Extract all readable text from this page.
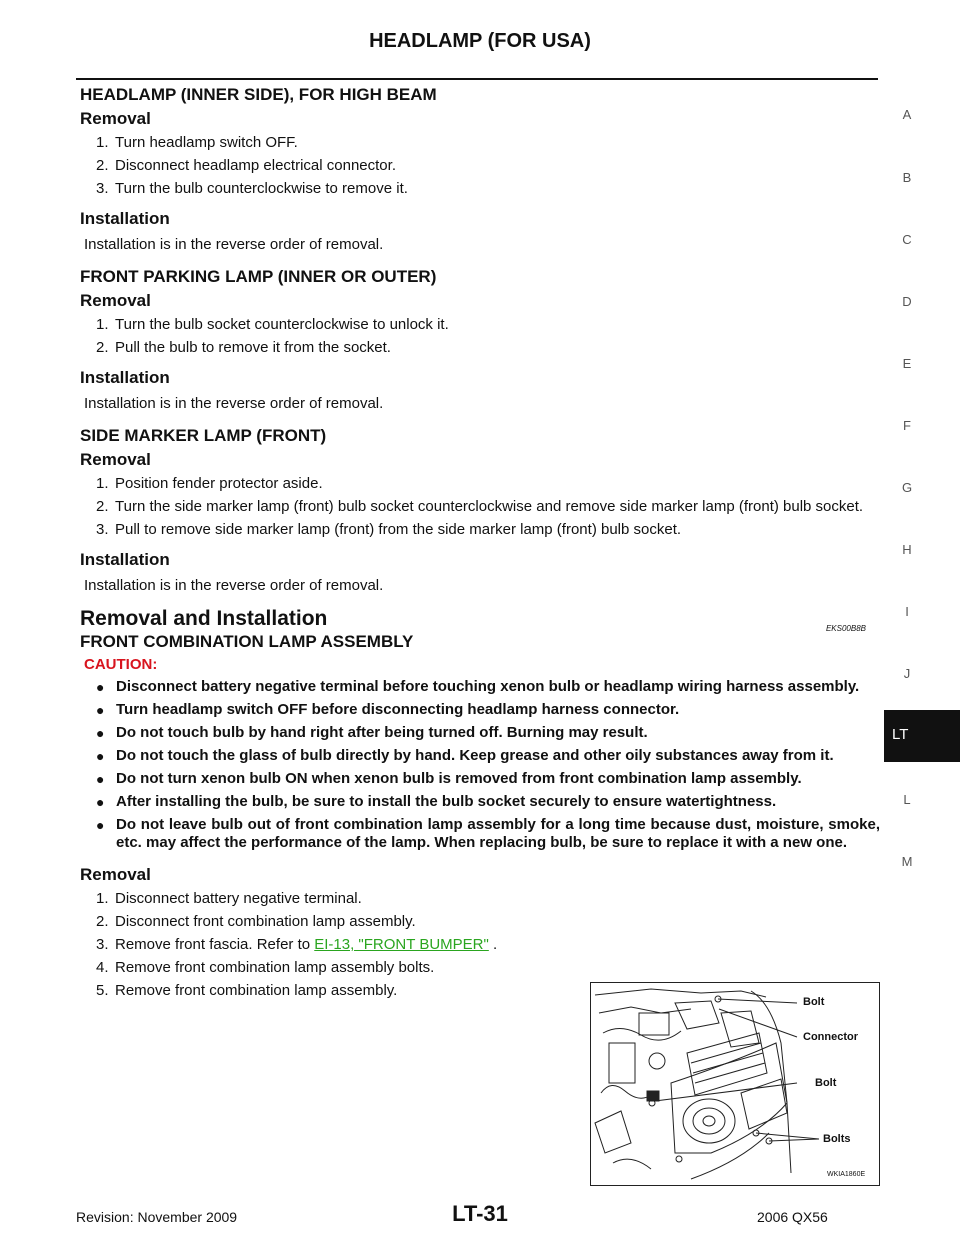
HEADLAMP (FOR USA)
HEADLAMP (INNER SIDE), FOR HIGH BEAM
Removal
1. Turn headlamp switch OFF.
2. Disconnect headlamp electrical connector.
3. Turn the bulb counterclockwise to remove it.
Installation
Installation is in the reverse order of removal.
FRONT PARKING LAMP (INNER OR OUTER)
Removal
1. Turn the bulb socket counterclockwise to unlock it.
2. Pull the bulb to remove it from the socket.
Installation
Installation is in the reverse order of removal.
SIDE MARKER LAMP (FRONT)
Removal
1. Position fender protector aside.
2. Turn the side marker lamp (front) bulb socket counterclockwise and remove side marker lamp (front) bulb socket.
3. Pull to remove side marker lamp (front) from the side marker lamp (front) bulb socket.
Installation
Installation is in the reverse order of removal.
Removal and Installation	EKS00B8B
FRONT COMBINATION LAMP ASSEMBLY
CAUTION:
● Disconnect battery negative terminal before touching xenon bulb or headlamp wiring harness assembly.
● Turn headlamp switch OFF before disconnecting headlamp harness connector.
● Do not touch bulb by hand right after being turned off. Burning may result.
● Do not touch the glass of bulb directly by hand. Keep grease and other oily substances away from it.
● Do not turn xenon bulb ON when xenon bulb is removed from front combination lamp assembly.
● After installing the bulb, be sure to install the bulb socket securely to ensure watertightness.
● Do not leave bulb out of front combination lamp assembly for a long time because dust, moisture, smoke, etc. may affect the performance of the lamp. When replacing bulb, be sure to replace it with a new one.
Removal
1. Disconnect battery negative terminal.
2. Disconnect front combination lamp assembly.
3. Remove front fascia. Refer to EI-13, "FRONT BUMPER" .
4. Remove front combination lamp assembly bolts.
5. Remove front combination lamp assembly.
Bolt
Connector
Bolt
Bolts
WKIA1860E
A
B
C
D
E
F
G
H
I
J
L
M
LT
Revision: November 2009	LT-31	2006 QX56
